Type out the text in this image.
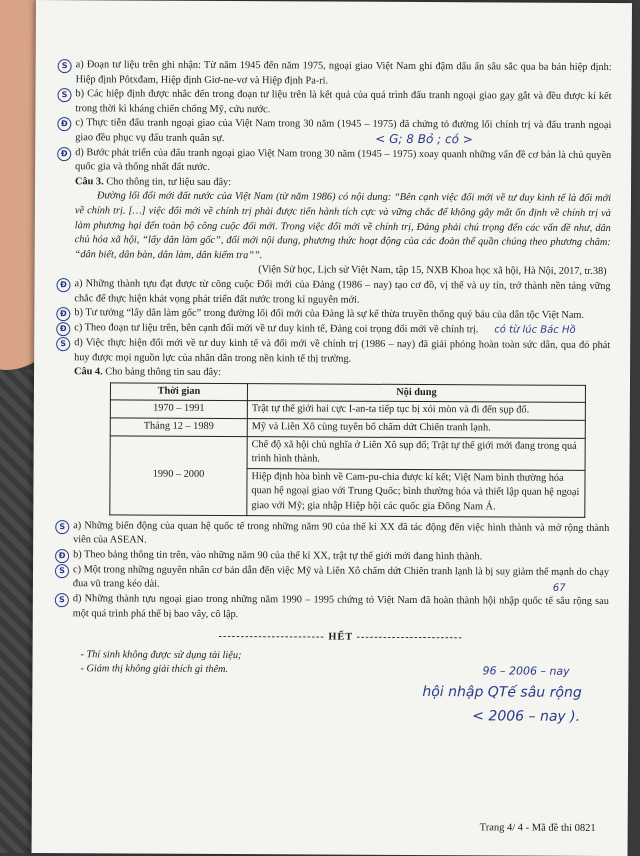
S a) Đoạn tư liệu trên ghi nhận: Từ năm 1945 đến năm 1975, ngoại giao Việt Nam ghi đậm dấu ấn sâu sắc qua ba bản hiệp định: Hiệp định Pôtxđam, Hiệp định Giơ-ne-vơ và Hiệp định Pa-ri.
S b) Các hiệp định được nhắc đến trong đoạn tư liệu trên là kết quả của quá trình đấu tranh ngoại giao gay gắt và đều được kí kết trong thời kì kháng chiến chống Mỹ, cứu nước.
Đ c) Thực tiễn đấu tranh ngoại giao của Việt Nam trong 30 năm (1945 – 1975) đã chứng tỏ đường lối chính trị và đấu tranh ngoại giao đều phục vụ đấu tranh quân sự.
Đ d) Bước phát triển của đấu tranh ngoại giao Việt Nam trong 30 năm (1945 – 1975) xoay quanh những vấn đề cơ bản là chủ quyền quốc gia và thống nhất đất nước.

Câu 3. Cho thông tin, tư liệu sau đây:

Đường lối đổi mới đất nước của Việt Nam (từ năm 1986) có nội dung: “Bên cạnh việc đổi mới về tư duy kinh tế là đổi mới về chính trị. […] việc đổi mới về chính trị phải được tiến hành tích cực và vững chắc để không gây mất ổn định về chính trị và làm phương hại đến toàn bộ công cuộc đổi mới. Trong việc đổi mới về chính trị, Đảng phải chú trọng đến các vấn đề như, dân chủ hóa xã hội, “lấy dân làm gốc”, đổi mới nội dung, phương thức hoạt động của các đoàn thể quần chúng theo phương châm: “dân biết, dân bàn, dân làm, dân kiểm tra””.

(Viện Sử học, Lịch sử Việt Nam, tập 15, NXB Khoa học xã hội, Hà Nội, 2017, tr.38)

Đ a) Những thành tựu đạt được từ công cuộc Đổi mới của Đảng (1986 – nay) tạo cơ đồ, vị thế và uy tín, trở thành nền tảng vững chắc để thực hiện khát vọng phát triển đất nước trong kỉ nguyên mới.
Đ b) Tư tưởng “lấy dân làm gốc” trong đường lối đổi mới của Đảng là sự kế thừa truyền thống quý báu của dân tộc Việt Nam.
Đ c) Theo đoạn tư liệu trên, bên cạnh đổi mới về tư duy kinh tế, Đảng coi trọng đổi mới về chính trị.
S d) Việc thực hiện đổi mới về tư duy kinh tế và đổi mới về chính trị (1986 – nay) đã giải phóng hoàn toàn sức dân, qua đó phát huy được mọi nguồn lực của nhân dân trong nền kinh tế thị trường.

Câu 4. Cho bảng thông tin sau đây:

Thời gian	Nội dung
1970 – 1991	Trật tự thế giới hai cực I-an-ta tiếp tục bị xói mòn và đi đến sụp đổ.
Tháng 12 – 1989	Mỹ và Liên Xô cùng tuyên bố chấm dứt Chiến tranh lạnh.
1990 – 2000	Chế độ xã hội chủ nghĩa ở Liên Xô sụp đổ; Trật tự thế giới mới đang trong quá trình hình thành.
	Hiệp định hòa bình về Cam-pu-chia được kí kết; Việt Nam bình thường hóa quan hệ ngoại giao với Trung Quốc; bình thường hóa và thiết lập quan hệ ngoại giao với Mỹ; gia nhập Hiệp hội các quốc gia Đông Nam Á.
S a) Những biến động của quan hệ quốc tế trong những năm 90 của thế kỉ XX đã tác động đến việc hình thành và mở rộng thành viên của ASEAN.
Đ b) Theo bảng thông tin trên, vào những năm 90 của thế kỉ XX, trật tự thế giới mới đang hình thành.
S c) Một trong những nguyên nhân cơ bản dẫn đến việc Mỹ và Liên Xô chấm dứt Chiến tranh lạnh là bị suy giảm thế mạnh do chạy đua vũ trang kéo dài.
S d) Những thành tựu ngoại giao trong những năm 1990 – 1995 chứng tỏ Việt Nam đã hoàn thành hội nhập quốc tế sâu rộng sau một quá trình phá thế bị bao vây, cô lập.

------------------------ HẾT ------------------------

- Thí sinh không được sử dụng tài liệu;

- Giám thị không giải thích gì thêm.

< G; 8 Bỏ ; có >
có từ lúc Bác Hồ
67
96 – 2006 – nay
hội nhập QTế sâu rộng
< 2006 – nay ).
Trang 4/ 4 - Mã đề thi 0821
